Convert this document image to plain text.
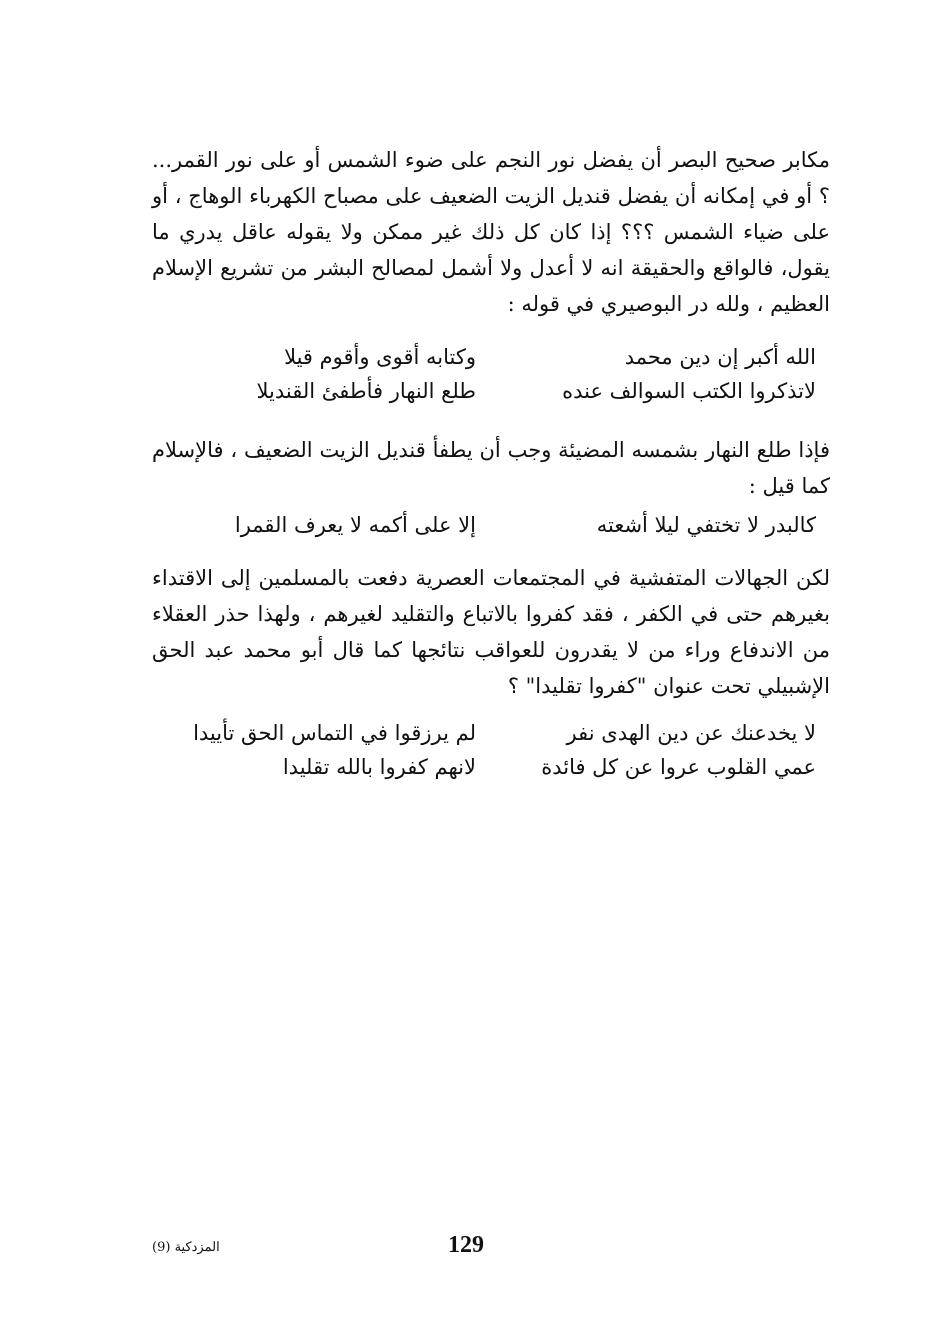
مكابر صحيح البصر أن يفضل نور النجم على ضوء الشمس أو على نور القمر... ؟ أو في إمكانه أن يفضل قنديل الزيت الضعيف على مصباح الكهرباء الوهاج ، أو على ضياء الشمس ؟؟؟ إذا كان كل ذلك غير ممكن ولا يقوله عاقل يدري ما يقول، فالواقع والحقيقة انه لا أعدل ولا أشمل لمصالح البشر من تشريع الإسلام العظيم ، ولله در البوصيري في قوله :

الله أكبر إن دين محمد
وكتابه أقوى وأقوم قيلا
لاتذكروا الكتب السوالف عنده
طلع النهار فأطفئ القنديلا

فإذا طلع النهار بشمسه المضيئة وجب أن يطفأ قنديل الزيت الضعيف ، فالإسلام كما قيل :

كالبدر لا تختفي ليلا أشعته
إلا على أكمه لا يعرف القمرا

لكن الجهالات المتفشية في المجتمعات العصرية دفعت بالمسلمين إلى الاقتداء بغيرهم حتى في الكفر ، فقد كفروا بالاتباع والتقليد لغيرهم ، ولهذا حذر العقلاء من الاندفاع وراء من لا يقدرون للعواقب نتائجها كما قال أبو محمد عبد الحق الإشبيلي تحت عنوان "كفروا تقليدا" ؟

لا يخدعنك عن دين الهدى نفر
لم يرزقوا في التماس الحق تأييدا
عمي القلوب عروا عن كل فائدة
لانهم كفروا بالله تقليدا
المزدكية (9)	129
